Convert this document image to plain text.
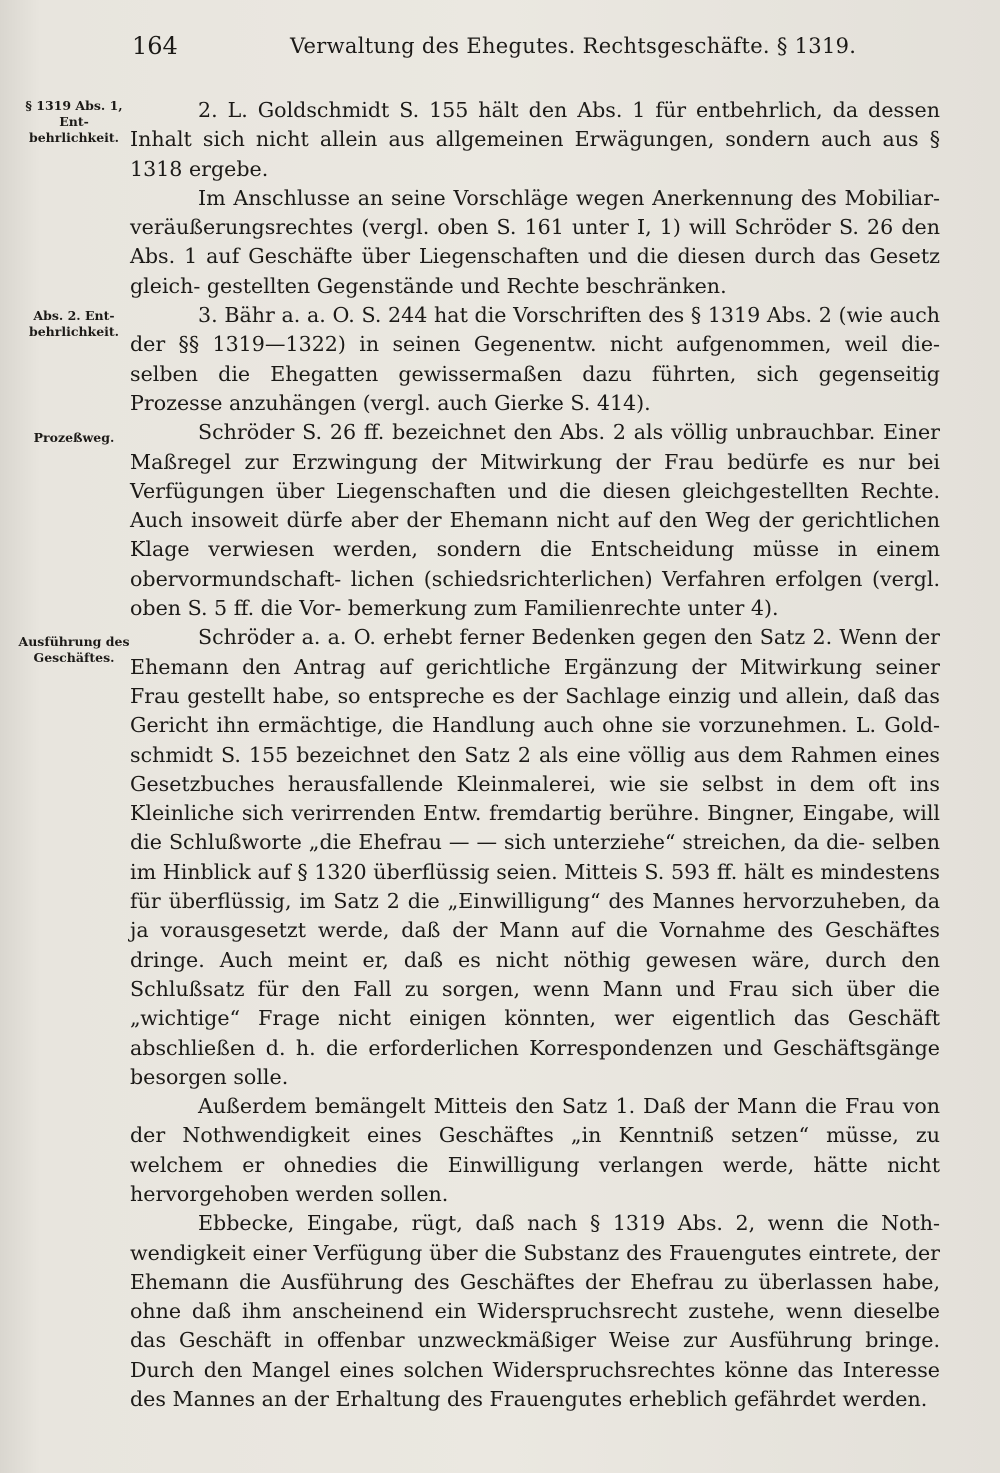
164	Verwaltung des Ehegutes. Rechtsgeschäfte. § 1319.
§ 1319 Abs. 1, Ent- behrlichkeit.
Abs. 2. Ent- behrlichkeit.
Prozeßweg.
Ausführung des Geschäftes.

2. L. Goldschmidt S. 155 hält den Abs. 1 für entbehrlich, da dessen Inhalt sich nicht allein aus allgemeinen Erwägungen, sondern auch aus § 1318 ergebe.

Im Anschlusse an seine Vorschläge wegen Anerkennung des Mobiliar- veräußerungsrechtes (vergl. oben S. 161 unter I, 1) will Schröder S. 26 den Abs. 1 auf Geschäfte über Liegenschaften und die diesen durch das Gesetz gleich- gestellten Gegenstände und Rechte beschränken.

3. Bähr a. a. O. S. 244 hat die Vorschriften des § 1319 Abs. 2 (wie auch der §§ 1319—1322) in seinen Gegenentw. nicht aufgenommen, weil die- selben die Ehegatten gewissermaßen dazu führten, sich gegenseitig Prozesse anzuhängen (vergl. auch Gierke S. 414).

Schröder S. 26 ff. bezeichnet den Abs. 2 als völlig unbrauchbar. Einer Maßregel zur Erzwingung der Mitwirkung der Frau bedürfe es nur bei Verfügungen über Liegenschaften und die diesen gleichgestellten Rechte. Auch insoweit dürfe aber der Ehemann nicht auf den Weg der gerichtlichen Klage verwiesen werden, sondern die Entscheidung müsse in einem obervormundschaft- lichen (schiedsrichterlichen) Verfahren erfolgen (vergl. oben S. 5 ff. die Vor- bemerkung zum Familienrechte unter 4).

Schröder a. a. O. erhebt ferner Bedenken gegen den Satz 2. Wenn der Ehemann den Antrag auf gerichtliche Ergänzung der Mitwirkung seiner Frau gestellt habe, so entspreche es der Sachlage einzig und allein, daß das Gericht ihn ermächtige, die Handlung auch ohne sie vorzunehmen. L. Gold- schmidt S. 155 bezeichnet den Satz 2 als eine völlig aus dem Rahmen eines Gesetzbuches herausfallende Kleinmalerei, wie sie selbst in dem oft ins Kleinliche sich verirrenden Entw. fremdartig berühre. Bingner, Eingabe, will die Schlußworte „die Ehefrau — — sich unterziehe“ streichen, da die- selben im Hinblick auf § 1320 überflüssig seien. Mitteis S. 593 ff. hält es mindestens für überflüssig, im Satz 2 die „Einwilligung“ des Mannes hervorzuheben, da ja vorausgesetzt werde, daß der Mann auf die Vornahme des Geschäftes dringe. Auch meint er, daß es nicht nöthig gewesen wäre, durch den Schlußsatz für den Fall zu sorgen, wenn Mann und Frau sich über die „wichtige“ Frage nicht einigen könnten, wer eigentlich das Geschäft abschließen d. h. die erforderlichen Korrespondenzen und Geschäftsgänge besorgen solle.

Außerdem bemängelt Mitteis den Satz 1. Daß der Mann die Frau von der Nothwendigkeit eines Geschäftes „in Kenntniß setzen“ müsse, zu welchem er ohnedies die Einwilligung verlangen werde, hätte nicht hervorgehoben werden sollen.

Ebbecke, Eingabe, rügt, daß nach § 1319 Abs. 2, wenn die Noth- wendigkeit einer Verfügung über die Substanz des Frauengutes eintrete, der Ehemann die Ausführung des Geschäftes der Ehefrau zu überlassen habe, ohne daß ihm anscheinend ein Widerspruchsrecht zustehe, wenn dieselbe das Geschäft in offenbar unzweckmäßiger Weise zur Ausführung bringe. Durch den Mangel eines solchen Widerspruchsrechtes könne das Interesse des Mannes an der Erhaltung des Frauengutes erheblich gefährdet werden.
